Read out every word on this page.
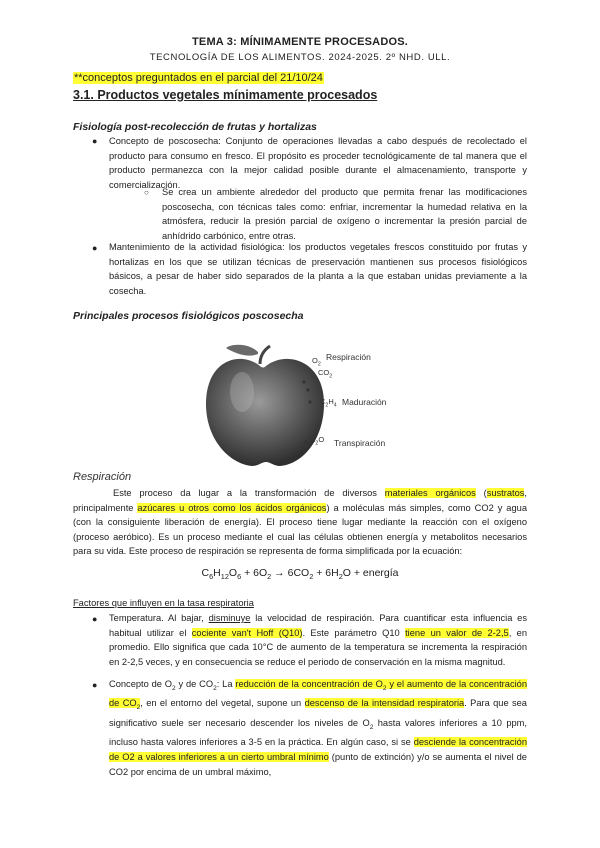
TEMA 3: MÍNIMAMENTE PROCESADOS.
TECNOLOGÍA DE LOS ALIMENTOS. 2024-2025. 2º NHD. ULL.
**conceptos preguntados en el parcial del 21/10/24
3.1. Productos vegetales mínimamente procesados
Fisiología post-recolección de frutas y hortalizas
● Concepto de poscosecha: Conjunto de operaciones llevadas a cabo después de recolectado el producto para consumo en fresco. El propósito es proceder tecnológicamente de tal manera que el producto permanezca con la mejor calidad posible durante el almacenamiento, transporte y comercialización.
○ Se crea un ambiente alrededor del producto que permita frenar las modificaciones poscosecha, con técnicas tales como: enfriar, incrementar la humedad relativa en la atmósfera, reducir la presión parcial de oxígeno o incrementar la presión parcial de anhídrido carbónico, entre otras.
● Mantenimiento de la actividad fisiológica: los productos vegetales frescos constituido por frutas y hortalizas en los que se utilizan técnicas de preservación mantienen sus procesos fisiológicos básicos, a pesar de haber sido separados de la planta a la que estaban unidas previamente a la cosecha.
Principales procesos fisiológicos poscosecha
$O_2$
Respiración
$CO_2$
$C_2H_4$ Maduración
$H_2O$ Transpiración
Respiración
Este proceso da lugar a la transformación de diversos materiales orgánicos (sustratos, principalmente azúcares u otros como los ácidos orgánicos) a moléculas más simples, como CO2 y agua (con la consiguiente liberación de energía). El proceso tiene lugar mediante la reacción con el oxígeno (proceso aeróbico). Es un proceso mediante el cual las células obtienen energía y metabolitos necesarios para su vida. Este proceso de respiración se representa de forma simplificada por la ecuación:
$C_6H_{12}O_6 + 6O_2 \to 6CO_2 + 6H_2O$ + energía
Factores que influyen en la tasa respiratoria
● Temperatura. Al bajar, disminuye la velocidad de respiración. Para cuantificar esta influencia es habitual utilizar el cociente van't Hoff (Q10). Este parámetro Q10 tiene un valor de 2-2,5, en promedio. Ello significa que cada 10°C de aumento de la temperatura se incrementa la respiración en 2-2,5 veces, y en consecuencia se reduce el periodo de conservación en la misma magnitud.
● Concepto de $O_2$ y de $CO_2$: La reducción de la concentración de $O_2$ y el aumento de la concentración de $CO_2$, en el entorno del vegetal, supone un descenso de la intensidad respiratoria. Para que sea significativo suele ser necesario descender los niveles de $O_2$ hasta valores inferiores a 10 ppm, incluso hasta valores inferiores a 3-5 en la práctica. En algún caso, si se desciende la concentración de O2 a valores inferiores a un cierto umbral mínimo (punto de extinción) y/o se aumenta el nivel de CO2 por encima de un umbral máximo,
